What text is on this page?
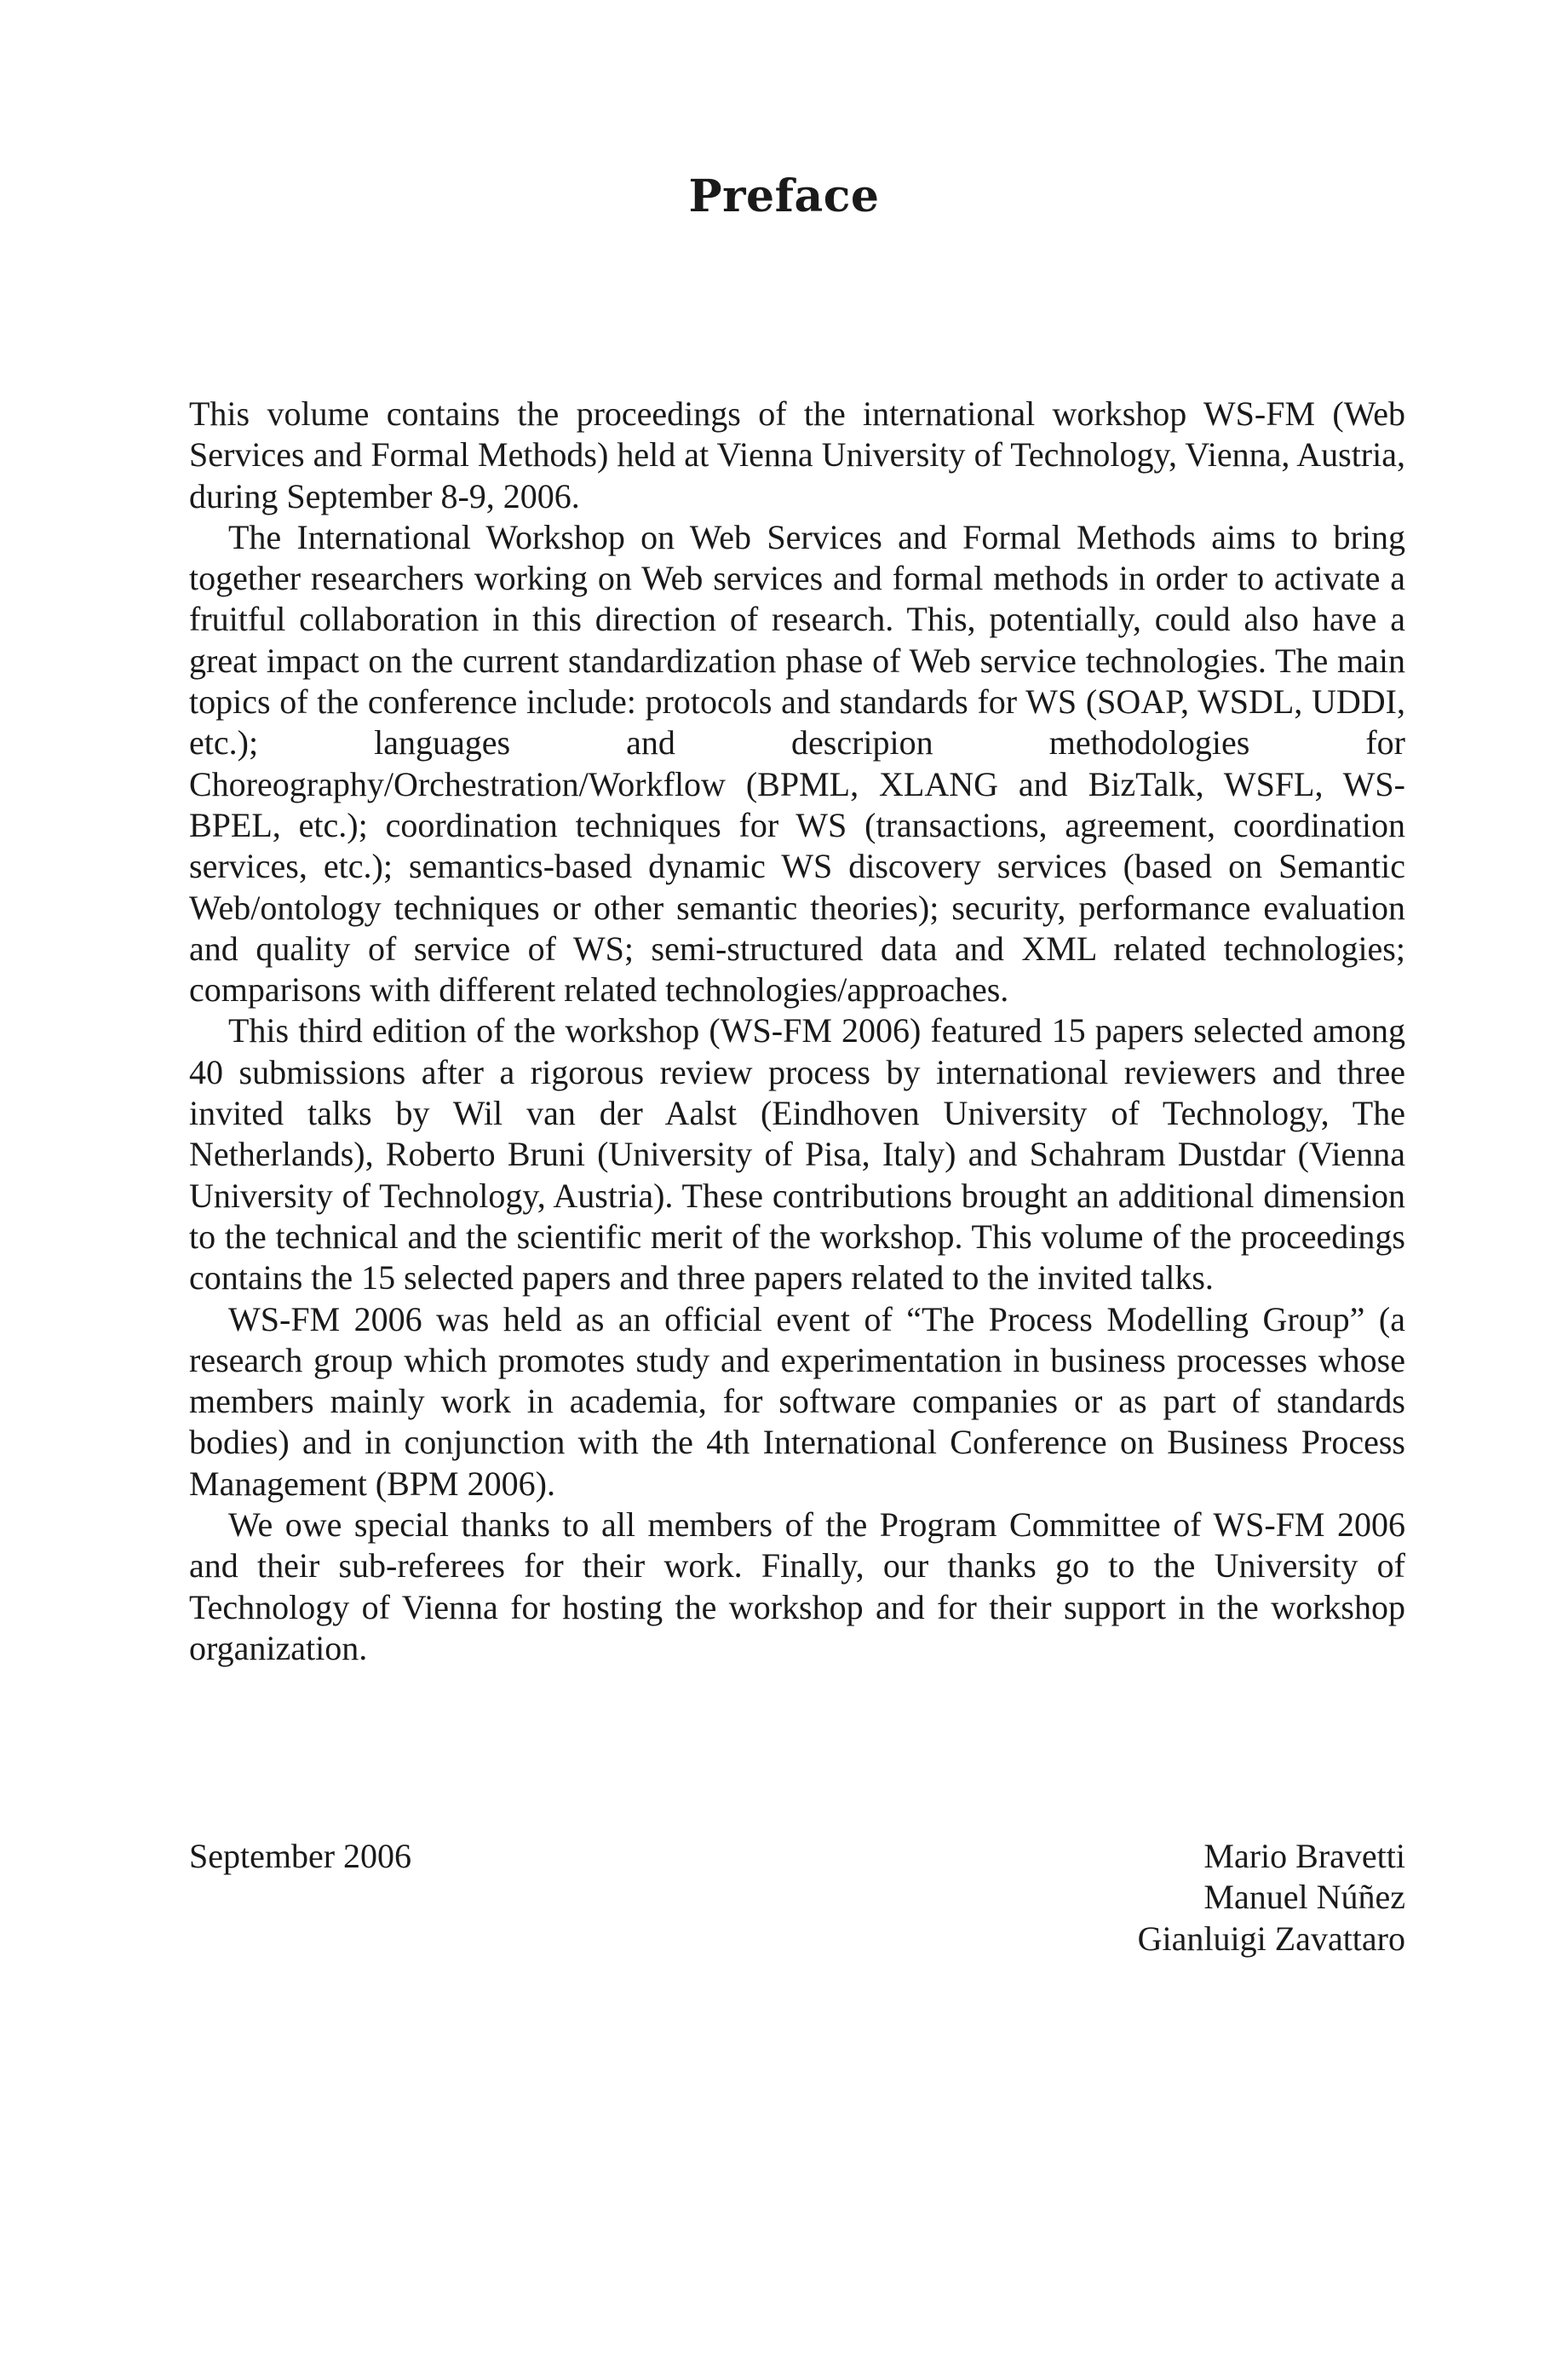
Preface

This volume contains the proceedings of the international workshop WS-FM (Web Services and Formal Methods) held at Vienna University of Technology, Vienna, Austria, during September 8-9, 2006.

The International Workshop on Web Services and Formal Methods aims to bring together researchers working on Web services and formal methods in order to activate a fruitful collaboration in this direction of research. This, potentially, could also have a great impact on the current standardization phase of Web service technologies. The main topics of the conference include: protocols and standards for WS (SOAP, WSDL, UDDI, etc.); languages and descripion methodologies for Choreography/Orchestration/Workflow (BPML, XLANG and BizTalk, WSFL, WS-BPEL, etc.); coordination techniques for WS (transactions, agreement, coordination services, etc.); semantics-based dynamic WS discovery services (based on Semantic Web/ontology techniques or other semantic theories); security, performance evaluation and quality of service of WS; semi-structured data and XML related technologies; comparisons with different related technologies/approaches.

This third edition of the workshop (WS-FM 2006) featured 15 papers selected among 40 submissions after a rigorous review process by international reviewers and three invited talks by Wil van der Aalst (Eindhoven University of Technology, The Netherlands), Roberto Bruni (University of Pisa, Italy) and Schahram Dustdar (Vienna University of Technology, Austria). These contributions brought an additional dimension to the technical and the scientific merit of the workshop. This volume of the proceedings contains the 15 selected papers and three papers related to the invited talks.

WS-FM 2006 was held as an official event of “The Process Modelling Group” (a research group which promotes study and experimentation in business processes whose members mainly work in academia, for software companies or as part of standards bodies) and in conjunction with the 4th International Conference on Business Process Management (BPM 2006).

We owe special thanks to all members of the Program Committee of WS-FM 2006 and their sub-referees for their work. Finally, our thanks go to the University of Technology of Vienna for hosting the workshop and for their support in the workshop organization.

September 2006	Mario Bravetti
Manuel Núñez
Gianluigi Zavattaro
